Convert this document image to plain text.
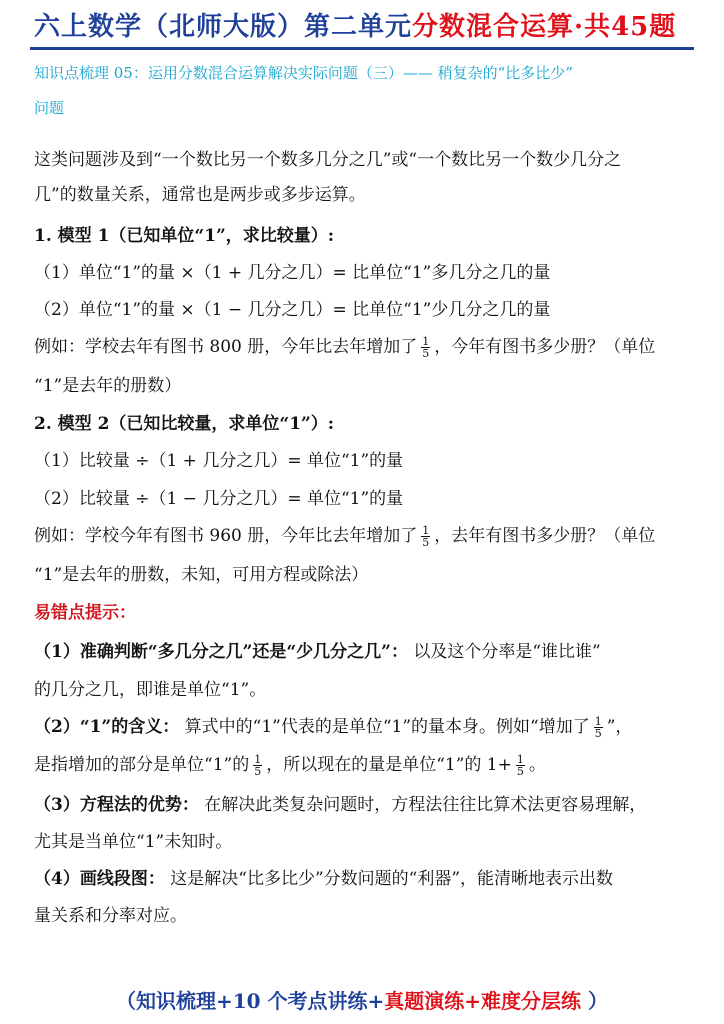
六上数学（北师大版）第二单元分数混合运算·共45题
知识点梳理 05：运用分数混合运算解决实际问题（三）—— 稍复杂的“比多比少”
问题
这类问题涉及到“一个数比另一个数多几分之几”或“一个数比另一个数少几分之
几”的数量关系，通常也是两步或多步运算。
1. 模型 1（已知单位“1”，求比较量）:
（1）单位“1”的量 ×（1 + 几分之几）= 比单位“1”多几分之几的量
（2）单位“1”的量 ×（1 − 几分之几）= 比单位“1”少几分之几的量
例如：学校去年有图书 800 册，今年比去年增加了 $\frac{1}{5}$ ，今年有图书多少册？（单位
“1”是去年的册数）
2. 模型 2（已知比较量，求单位“1”）:
（1）比较量 ÷（1 + 几分之几）= 单位“1”的量
（2）比较量 ÷（1 − 几分之几）= 单位“1”的量
例如：学校今年有图书 960 册，今年比去年增加了 $\frac{1}{5}$ ，去年有图书多少册？（单位
“1”是去年的册数，未知，可用方程或除法）
易错点提示：
（1）准确判断“多几分之几”还是“少几分之几”： 以及这个分率是“谁比谁”
的几分之几，即谁是单位“1”。
（2）“1”的含义： 算式中的“1”代表的是单位“1”的量本身。例如“增加了 $\frac{1}{5}$ ”，
是指增加的部分是单位“1”的 $\frac{1}{5}$ ，所以现在的量是单位“1”的 $1+ \frac{1}{5}$ 。
（3）方程法的优势： 在解决此类复杂问题时，方程法往往比算术法更容易理解，
尤其是当单位“1”未知时。
（4）画线段图： 这是解决“比多比少”分数问题的“利器”，能清晰地表示出数
量关系和分率对应。
（知识梳理+10 个考点讲练+真题演练+难度分层练 ）
